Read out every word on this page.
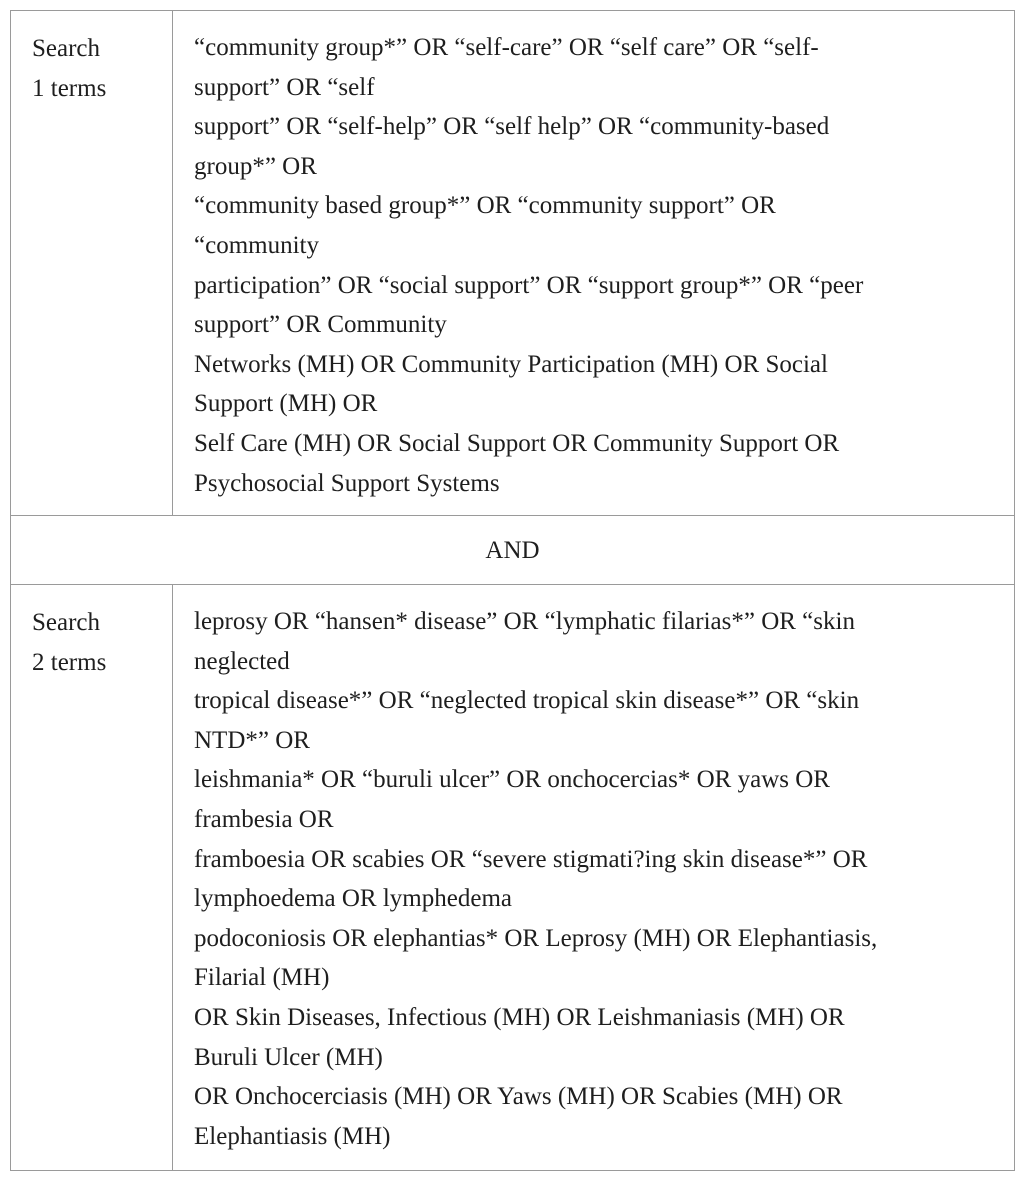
Search
1 terms
“community group*” OR “self-care” OR “self care” OR “self-
support” OR “self
support” OR “self-help” OR “self help” OR “community-based
group*” OR
“community based group*” OR “community support” OR
“community
participation” OR “social support” OR “support group*” OR “peer
support” OR Community
Networks (MH) OR Community Participation (MH) OR Social
Support (MH) OR
Self Care (MH) OR Social Support OR Community Support OR
Psychosocial Support Systems
AND
Search
2 terms
leprosy OR “hansen* disease” OR “lymphatic filarias*” OR “skin
neglected
tropical disease*” OR “neglected tropical skin disease*” OR “skin
NTD*” OR
leishmania* OR “buruli ulcer” OR onchocercias* OR yaws OR
frambesia OR
framboesia OR scabies OR “severe stigmati?ing skin disease*” OR
lymphoedema OR lymphedema
podoconiosis OR elephantias* OR Leprosy (MH) OR Elephantiasis,
Filarial (MH)
OR Skin Diseases, Infectious (MH) OR Leishmaniasis (MH) OR
Buruli Ulcer (MH)
OR Onchocerciasis (MH) OR Yaws (MH) OR Scabies (MH) OR
Elephantiasis (MH)
